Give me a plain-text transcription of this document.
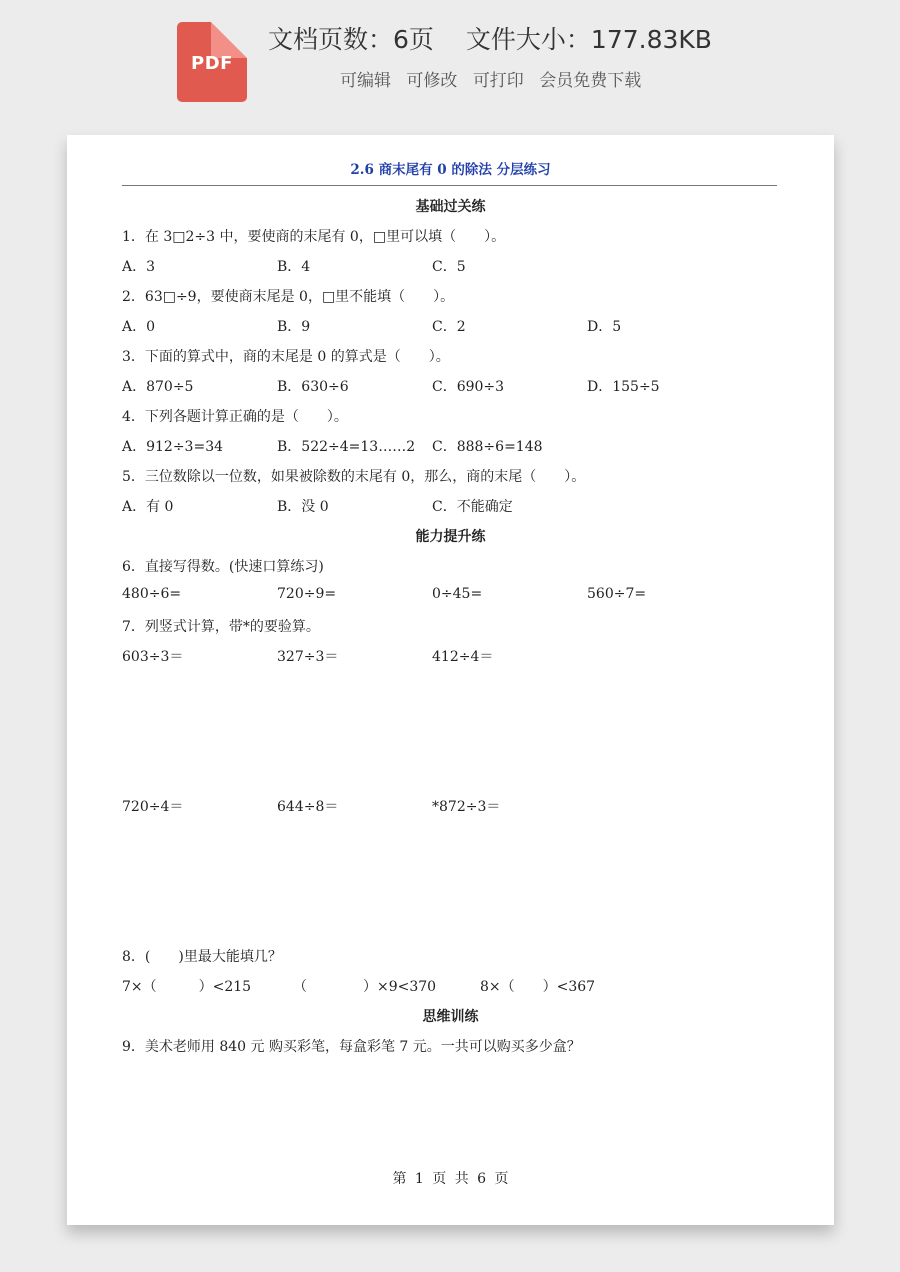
PDF
文档页数：6页 文件大小：177.83KB
可编辑 可修改 可打印 会员免费下载
2.6 商末尾有 0 的除法 分层练习
基础过关练
1．在 3□2÷3 中，要使商的末尾有 0，□里可以填（　　）。
A．3	B．4	C．5
2．63□÷9，要使商末尾是 0，□里不能填（　　）。
A．0	B．9	C．2	D．5
3．下面的算式中，商的末尾是 0 的算式是（　　）。
A．870÷5	B．630÷6	C．690÷3	D．155÷5
4．下列各题计算正确的是（　　）。
A．912÷3=34	B．522÷4=13……2 C．888÷6=148
5．三位数除以一位数，如果被除数的末尾有 0，那么，商的末尾（　　）。
A．有 0	B．没 0	C．不能确定
能力提升练
6．直接写得数。(快速口算练习)
480÷6=	720÷9=	0÷45=	560÷7=
7．列竖式计算，带*的要验算。
603÷3＝	327÷3＝	412÷4＝
720÷4＝	644÷8＝	*872÷3＝
8．(　　)里最大能填几？
7×（　　　）<215	（　　　　）×9<370	8×（　　）<367
思维训练
9．美术老师用 840 元 购买彩笔，每盒彩笔 7 元。一共可以购买多少盒？
第 1 页 共 6 页
